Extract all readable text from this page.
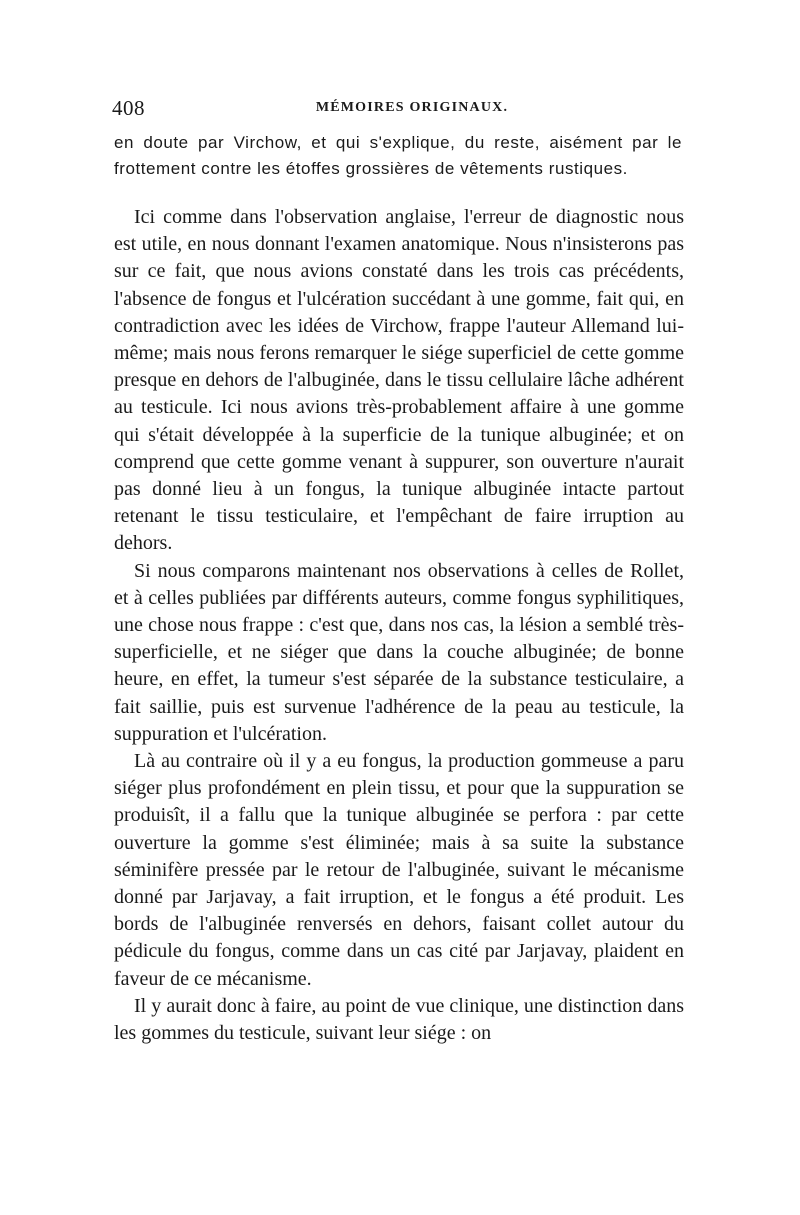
408	MÉMOIRES ORIGINAUX.

en doute par Virchow, et qui s'explique, du reste, aisément par le frottement contre les étoffes grossières de vêtements rustiques.

Ici comme dans l'observation anglaise, l'erreur de diagnostic nous est utile, en nous donnant l'examen anatomique. Nous n'insisterons pas sur ce fait, que nous avions constaté dans les trois cas précédents, l'absence de fongus et l'ulcération succédant à une gomme, fait qui, en contradiction avec les idées de Virchow, frappe l'auteur Allemand lui-même; mais nous ferons remarquer le siége superficiel de cette gomme presque en dehors de l'albuginée, dans le tissu cellulaire lâche adhérent au testicule. Ici nous avions très-probablement affaire à une gomme qui s'était développée à la superficie de la tunique albuginée; et on comprend que cette gomme venant à suppurer, son ouverture n'aurait pas donné lieu à un fongus, la tunique albuginée intacte partout retenant le tissu testiculaire, et l'empêchant de faire irruption au dehors.

Si nous comparons maintenant nos observations à celles de Rollet, et à celles publiées par différents auteurs, comme fongus syphilitiques, une chose nous frappe : c'est que, dans nos cas, la lésion a semblé très-superficielle, et ne siéger que dans la couche albuginée; de bonne heure, en effet, la tumeur s'est séparée de la substance testiculaire, a fait saillie, puis est survenue l'adhérence de la peau au testicule, la suppuration et l'ulcération.

Là au contraire où il y a eu fongus, la production gommeuse a paru siéger plus profondément en plein tissu, et pour que la suppuration se produisît, il a fallu que la tunique albuginée se perfora : par cette ouverture la gomme s'est éliminée; mais à sa suite la substance séminifère pressée par le retour de l'albuginée, suivant le mécanisme donné par Jarjavay, a fait irruption, et le fongus a été produit. Les bords de l'albuginée renversés en dehors, faisant collet autour du pédicule du fongus, comme dans un cas cité par Jarjavay, plaident en faveur de ce mécanisme.

Il y aurait donc à faire, au point de vue clinique, une distinction dans les gommes du testicule, suivant leur siége : on
